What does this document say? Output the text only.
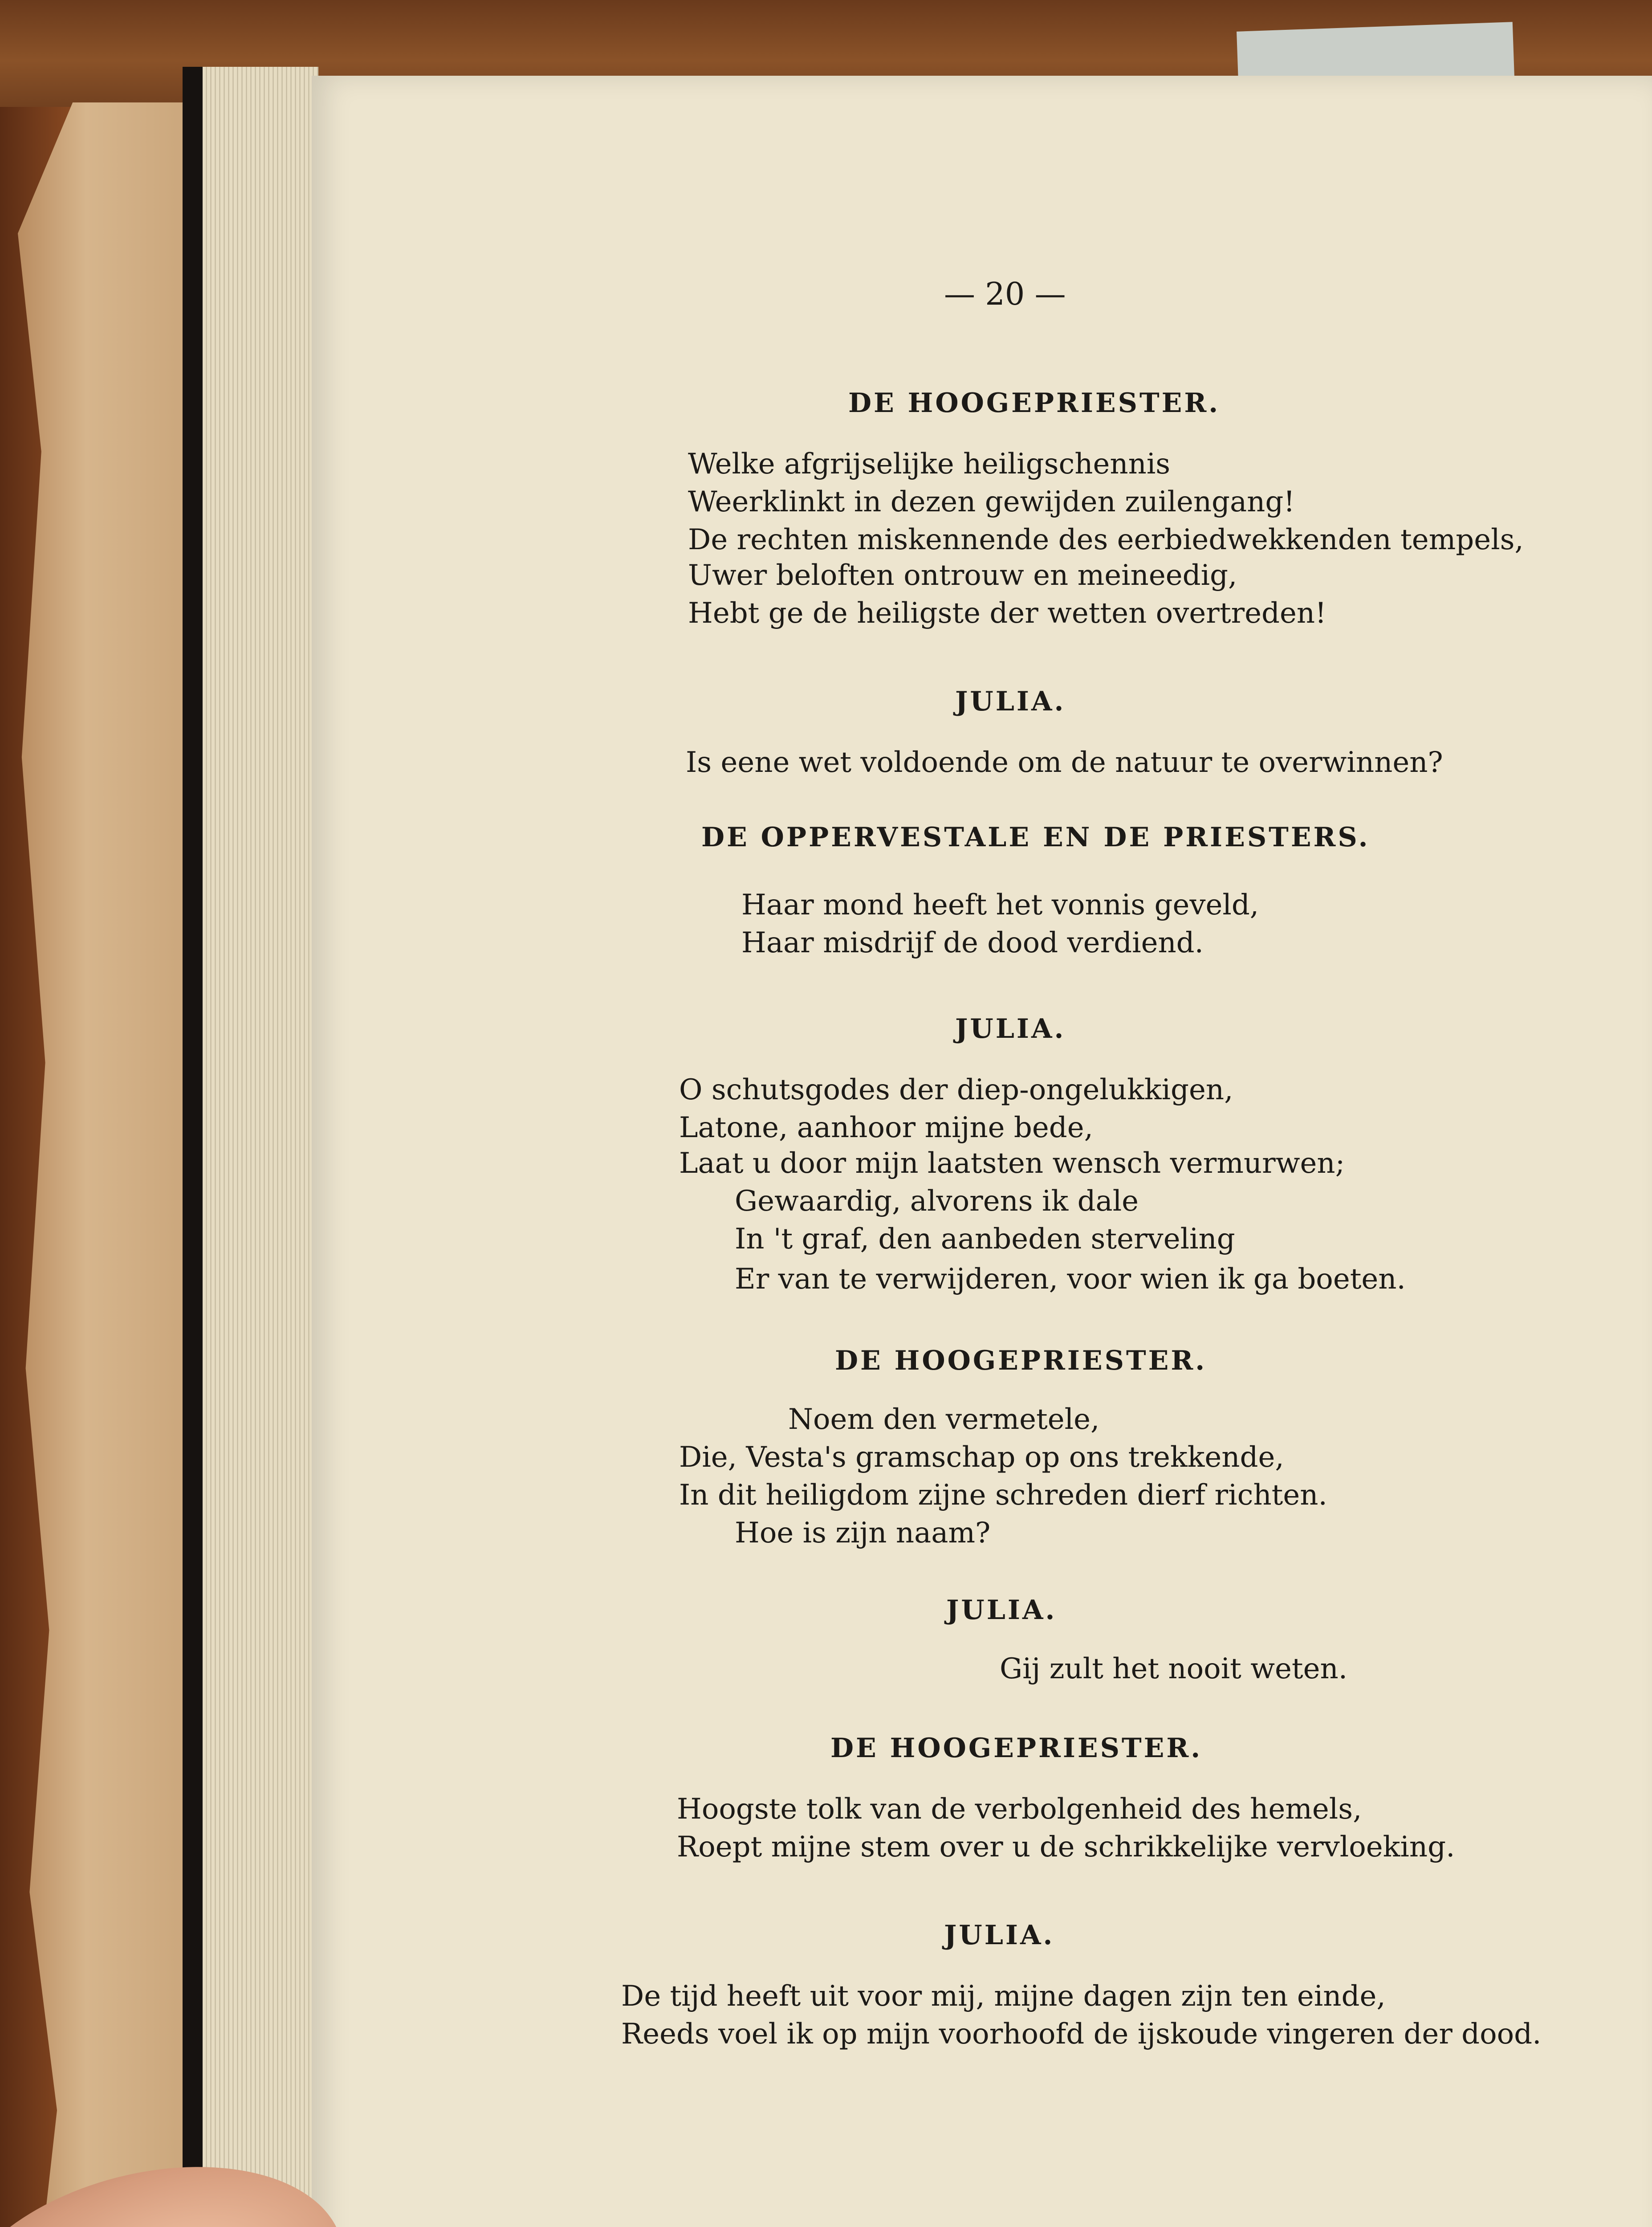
— 20 —
DE HOOGEPRIESTER.
Welke afgrijselijke heiligschennis
Weerklinkt in dezen gewijden zuilengang!
De rechten miskennende des eerbiedwekkenden tempels,
Uwer beloften ontrouw en meineedig,
Hebt ge de heiligste der wetten overtreden!
JULIA.
Is eene wet voldoende om de natuur te overwinnen?
DE OPPERVESTALE EN DE PRIESTERS.
Haar mond heeft het vonnis geveld,
Haar misdrijf de dood verdiend.
JULIA.
O schutsgodes der diep-ongelukkigen,
Latone, aanhoor mijne bede,
Laat u door mijn laatsten wensch vermurwen;
Gewaardig, alvorens ik dale
In 't graf, den aanbeden sterveling
Er van te verwijderen, voor wien ik ga boeten.
DE HOOGEPRIESTER.
Noem den vermetele,
Die, Vesta's gramschap op ons trekkende,
In dit heiligdom zijne schreden dierf richten.
Hoe is zijn naam?
JULIA.
Gij zult het nooit weten.
DE HOOGEPRIESTER.
Hoogste tolk van de verbolgenheid des hemels,
Roept mijne stem over u de schrikkelijke vervloeking.
JULIA.
De tijd heeft uit voor mij, mijne dagen zijn ten einde,
Reeds voel ik op mijn voorhoofd de ijskoude vingeren der dood.
